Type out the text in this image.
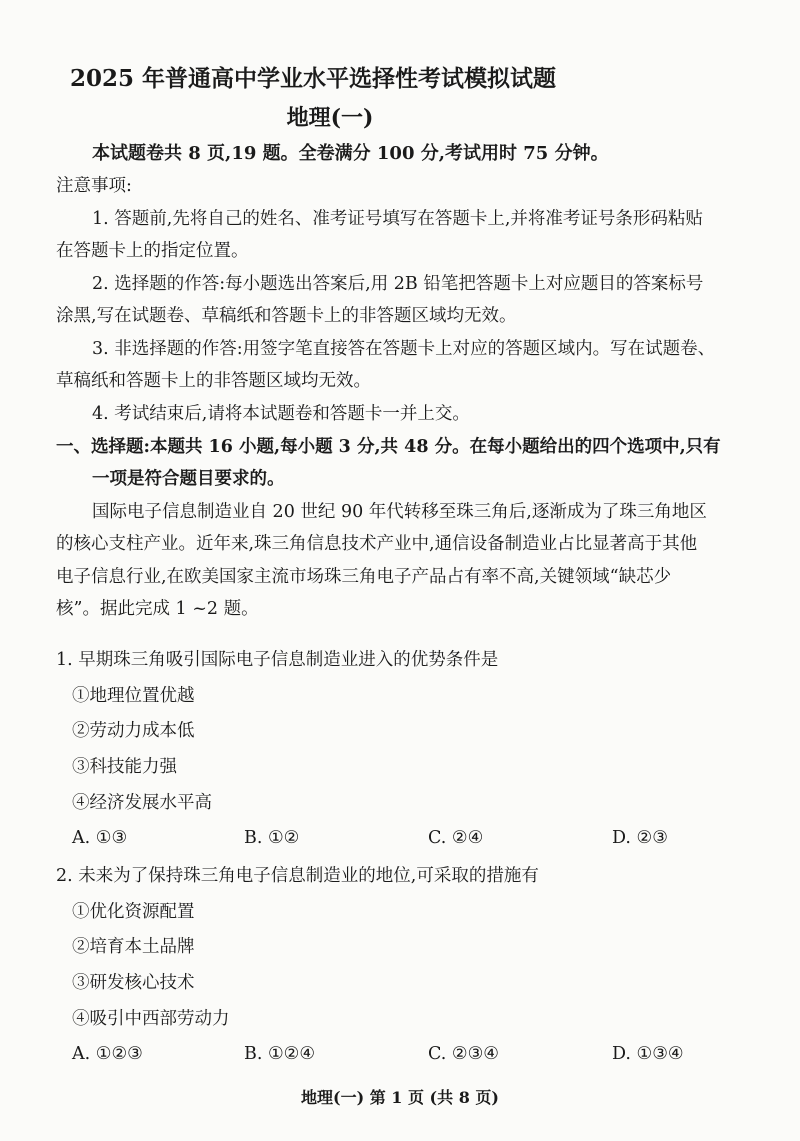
2025 年普通高中学业水平选择性考试模拟试题
地理(一)
本试题卷共 8 页,19 题。全卷满分 100 分,考试用时 75 分钟。
注意事项:
1. 答题前,先将自己的姓名、准考证号填写在答题卡上,并将准考证号条形码粘贴
在答题卡上的指定位置。
2. 选择题的作答:每小题选出答案后,用 2B 铅笔把答题卡上对应题目的答案标号
涂黑,写在试题卷、草稿纸和答题卡上的非答题区域均无效。
3. 非选择题的作答:用签字笔直接答在答题卡上对应的答题区域内。写在试题卷、
草稿纸和答题卡上的非答题区域均无效。
4. 考试结束后,请将本试题卷和答题卡一并上交。
一、选择题:本题共 16 小题,每小题 3 分,共 48 分。在每小题给出的四个选项中,只有
一项是符合题目要求的。
国际电子信息制造业自 20 世纪 90 年代转移至珠三角后,逐渐成为了珠三角地区
的核心支柱产业。近年来,珠三角信息技术产业中,通信设备制造业占比显著高于其他
电子信息行业,在欧美国家主流市场珠三角电子产品占有率不高,关键领域“缺芯少
核”。据此完成 1 ~2 题。
1. 早期珠三角吸引国际电子信息制造业进入的优势条件是
①地理位置优越
②劳动力成本低
③科技能力强
④经济发展水平高
A. ①③	B. ①②	C. ②④	D. ②③
2. 未来为了保持珠三角电子信息制造业的地位,可采取的措施有
①优化资源配置
②培育本土品牌
③研发核心技术
④吸引中西部劳动力
A. ①②③	B. ①②④	C. ②③④	D. ①③④
地理(一) 第 1 页 (共 8 页)
